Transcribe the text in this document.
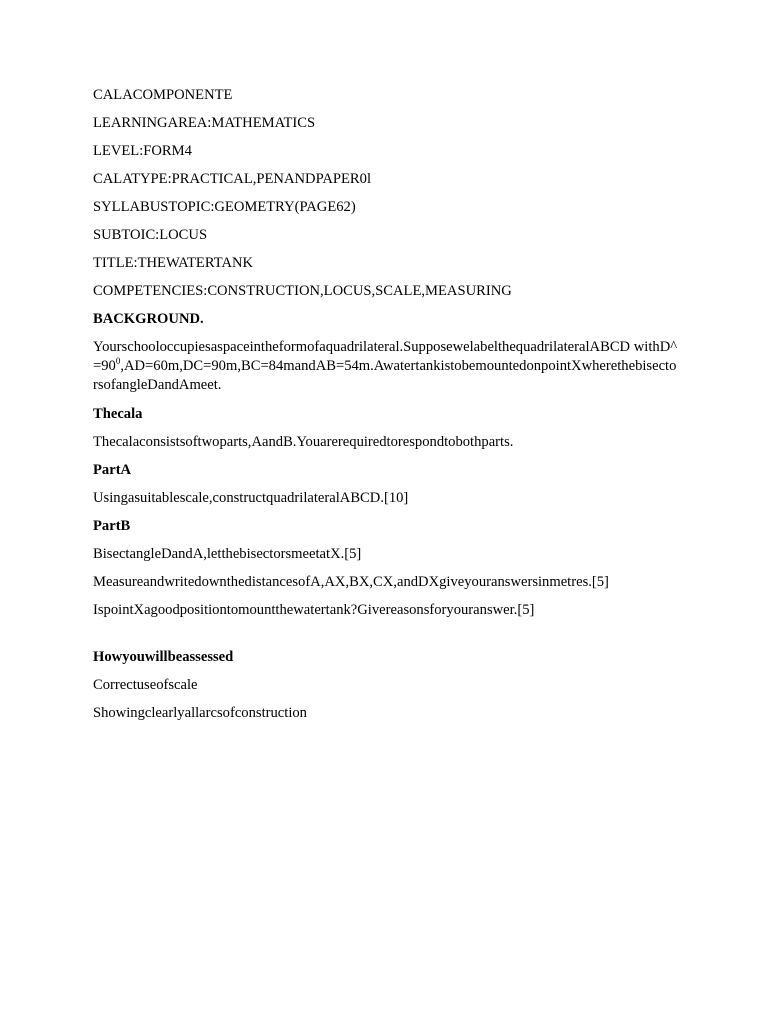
CALACOMPONENTE
LEARNINGAREA:MATHEMATICS
LEVEL:FORM4
CALATYPE:PRACTICAL,PENANDPAPER0l
SYLLABUSTOPIC:GEOMETRY(PAGE62)
SUBTOIC:LOCUS
TITLE:THEWATERTANK
COMPETENCIES:CONSTRUCTION,LOCUS,SCALE,MEASURING
BACKGROUND.
Yourschooloccupiesaspaceintheformofaquadrilateral.SupposewelabelthequadrilateralABCD $withD\^{}=90^0,AD=60m,DC=90m,BC=84mandAB=54m.AwatertankistobemountedonpointXwherethebisectorsofangleDandAmeet$.
Thecala
Thecalaconsistsoftwoparts,AandB.Youarerequiredtorespondtobothparts.
PartA
Usingasuitablescale,constructquadrilateralABCD.[10]
PartB
BisectangleDandA,letthebisectorsmeetatX.[5]
MeasureandwritedownthedistancesofA,AX,BX,CX,andDXgiveyouranswersinmetres.[5]
IspointXagoodpositiontomountthewatertank?Givereasonsforyouranswer.[5]
Howyouwillbeassessed
Correctuseofscale
Showingclearlyallarcsofconstruction
